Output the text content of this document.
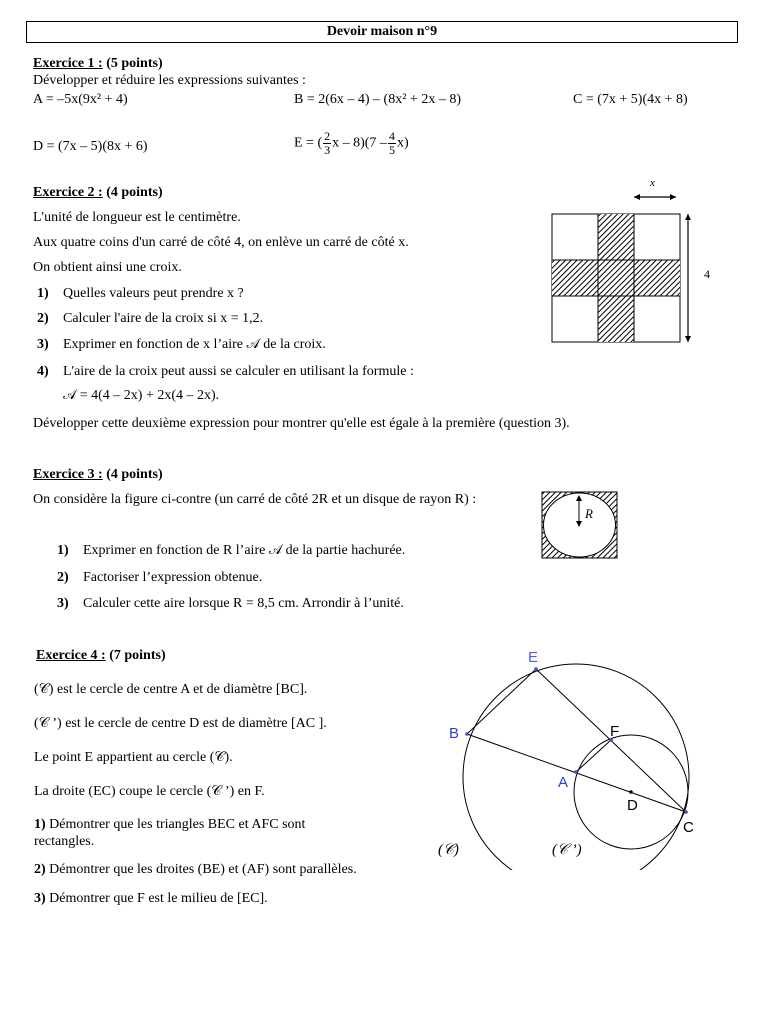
Devoir maison n°9
Exercice 1 : (5 points)
Développer et réduire les expressions suivantes :
A = –5x(9x² + 4)	B = 2(6x – 4) – (8x² + 2x – 8)	C = (7x + 5)(4x + 8)
D = (7x – 5)(8x + 6)	E = ( $\frac{2}{3}$ x – $8)(7 - \frac{4}{5} x)$
Exercice 2 : (4 points)
L'unité de longueur est le centimètre.
Aux quatre coins d'un carré de côté 4, on enlève un carré de côté x.
On obtient ainsi une croix.
1) Quelles valeurs peut prendre x ?
2) Calculer l'aire de la croix si x = 1,2.
3) Exprimer en fonction de x l’aire 𝒜 de la croix.
4) L'aire de la croix peut aussi se calculer en utilisant la formule :
𝒜 = 4(4 – 2x) + 2x(4 – 2x).
Développer cette deuxième expression pour montrer qu'elle est égale à la première (question 3).
x
4
Exercice 3 : (4 points)
On considère la figure ci-contre (un carré de côté 2R et un disque de rayon R) :
1) Exprimer en fonction de R l’aire 𝒜 de la partie hachurée.
2) Factoriser l’expression obtenue.
3) Calculer cette aire lorsque R = 8,5 cm. Arrondir à l’unité.
R
Exercice 4 : (7 points)
(𝒞) est le cercle de centre A et de diamètre [BC].
(𝒞 ’) est le cercle de centre D est de diamètre [AC ].
Le point E appartient au cercle (𝒞).
La droite (EC) coupe le cercle (𝒞 ’) en F.
1) Démontrer que les triangles BEC et AFC sont
rectangles.
2) Démontrer que les droites (BE) et (AF) sont parallèles.
3) Démontrer que F est le milieu de [EC].
E
B	F
A
D
C
(𝒞)	(𝒞 ’)
